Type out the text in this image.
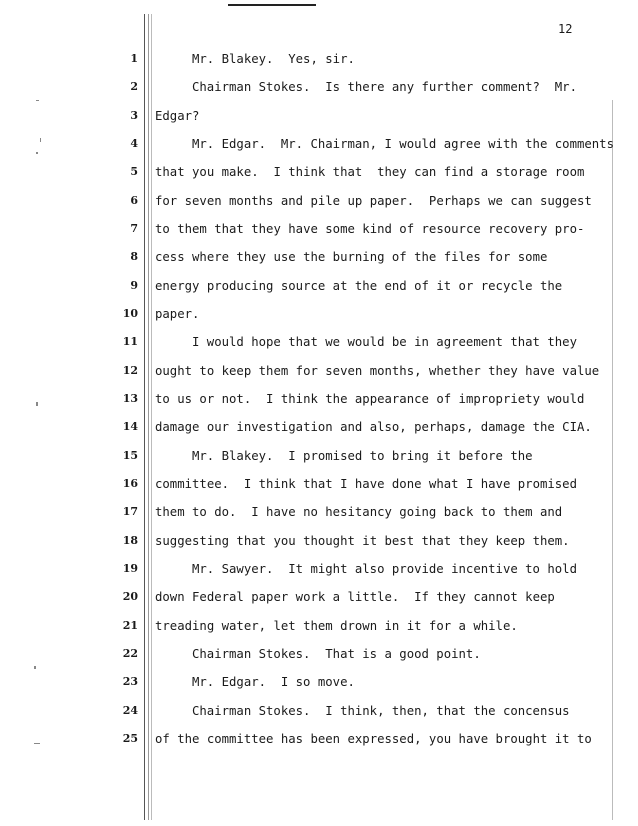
12
1
2
3
4
5
6
7
8
9
10
11
12
13
14
15
16
17
18
19
20
21
22
23
24
25
Mr. Blakey.  Yes, sir.
Chairman Stokes.  Is there any further comment?  Mr.
Edgar?
Mr. Edgar.  Mr. Chairman, I would agree with the comments
that you make.  I think that  they can find a storage room
for seven months and pile up paper.  Perhaps we can suggest
to them that they have some kind of resource recovery pro-
cess where they use the burning of the files for some
energy producing source at the end of it or recycle the
paper.
I would hope that we would be in agreement that they
ought to keep them for seven months, whether they have value
to us or not.  I think the appearance of impropriety would
damage our investigation and also, perhaps, damage the CIA.
Mr. Blakey.  I promised to bring it before the
committee.  I think that I have done what I have promised
them to do.  I have no hesitancy going back to them and
suggesting that you thought it best that they keep them.
Mr. Sawyer.  It might also provide incentive to hold
down Federal paper work a little.  If they cannot keep
treading water, let them drown in it for a while.
Chairman Stokes.  That is a good point.
Mr. Edgar.  I so move.
Chairman Stokes.  I think, then, that the concensus
of the committee has been expressed, you have brought it to
